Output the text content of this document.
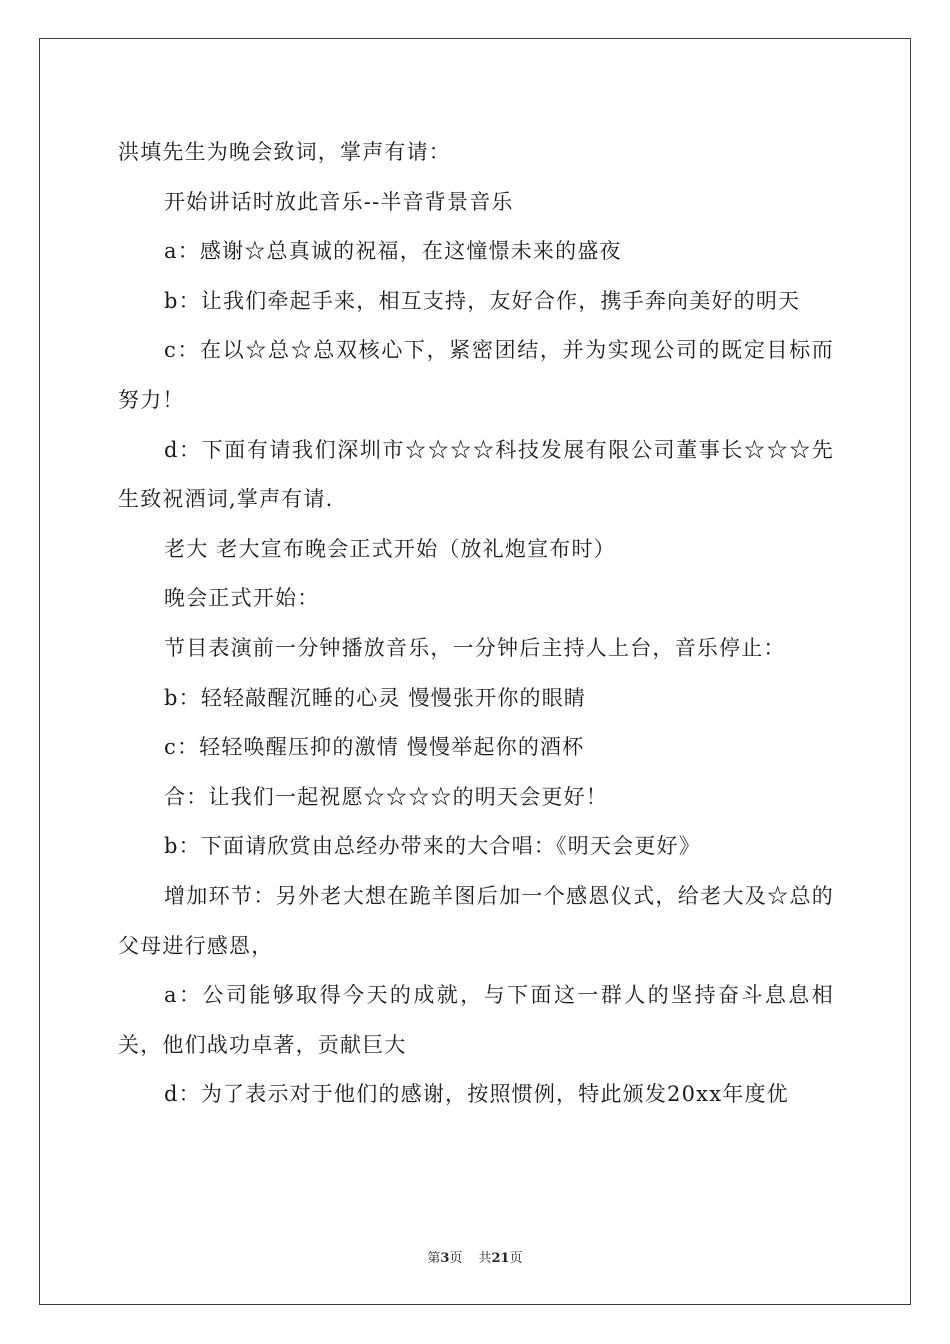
洪填先生为晚会致词，掌声有请：

开始讲话时放此音乐--半音背景音乐

a：感谢☆总真诚的祝福，在这憧憬未来的盛夜

b：让我们牵起手来，相互支持，友好合作，携手奔向美好的明天

c：在以☆总☆总双核心下，紧密团结，并为实现公司的既定目标而努力！

d：下面有请我们深圳市☆☆☆☆科技发展有限公司董事长☆☆☆先生致祝酒词,掌声有请.

老大 老大宣布晚会正式开始（放礼炮宣布时）

晚会正式开始：

节目表演前一分钟播放音乐，一分钟后主持人上台，音乐停止：

b：轻轻敲醒沉睡的心灵 慢慢张开你的眼睛

c：轻轻唤醒压抑的激情 慢慢举起你的酒杯

合：让我们一起祝愿☆☆☆☆的明天会更好！

b：下面请欣赏由总经办带来的大合唱：《明天会更好》

增加环节：另外老大想在跪羊图后加一个感恩仪式，给老大及☆总的父母进行感恩，

a：公司能够取得今天的成就，与下面这一群人的坚持奋斗息息相关，他们战功卓著，贡献巨大

d：为了表示对于他们的感谢，按照惯例，特此颁发20xx年度优

第3页 共21页
